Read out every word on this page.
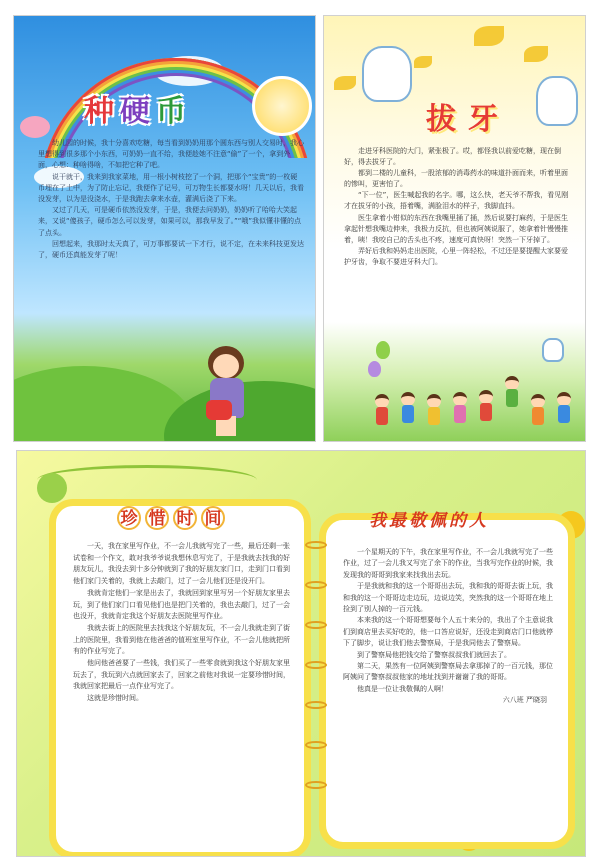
种硬币

幼儿园的时候，我十分喜欢吃糖，每当看到奶奶用那个圆东西与别人交易时，我心里想得到很多那个小东西，可奶奶一直不给，我便趁她不注意“偷”了一个，拿到外面，心想：种啥得啥，不如把它种了吧。

说干就干，我来到我家菜地，用一根小树枝挖了一个洞，把那个“宝贵”的一枚硬币埋在了土中，为了防止忘记，我便作了记号，可万物生长都要水呀！几天以后，我看没发芽，以为是没浇水，于是我跑去拿来水壶，灌满后浇了下来。

又过了几天，可是硬币依然没发芽，于是，我便去问奶奶，奶奶听了哈哈大笑起来，又说“傻孩子，硬币怎么可以发芽，如果可以，那我早发了。”“哦”我似懂非懂的点了点头。

回想起来，我那时太天真了，可万事都要试一下才行，说不定，在未来科技更发达了，硬币还真能发芽了呢！

拔牙

走进牙科医院的大门，紧张极了。哎，都怪我以前爱吃糖，现在倒好，得去拔牙了。

都到二楼的儿童科，一股浓郁的消毒药水的味道扑面而来，听着里面的惨叫，更害怕了。

“下一位”，医生喊起我的名字。哪，这么快，老天爷不帮我，看见刚才在拔牙的小孩，捂着嘴，满脸泪水的样子，我脚直抖。

医生拿着小钳似的东西在我嘴里捅了捅，然后说要打麻药，于是医生拿起针想我嘴边伸来，我极力反抗，但也被阿姨说服了，她拿着针慢慢推着，咦！我咬自己的舌头也不疼，速度可真快呀！突然一下牙掉了。

弄好后我和妈妈走出医院，心里一阵轻松，不过还是要提醒大家要爱护牙齿，争取不要进牙科大门。

珍 惜 时 间	我最敬佩的人

一天，我在家里写作业，不一会儿我就写完了一些，最后还剩一张试卷和一个作文，敢对我爷爷说我想休息写完了，于是我就去找我的好朋友玩儿，我没去到十多分钟就到了我的好朋友家门口，走到门口看到他们家门关着的，我就上去敲门，过了一会儿他们还是没开门。

我就肯定他们一家是出去了，我就回到家里写另一个好朋友家里去玩，到了他们家门口看见他们也是把门关着的，我也去敲门，过了一会也没开，我就肯定我这个好朋友去医院里写作业。

我就去街上的医院里去找我这个好朋友玩，不一会儿我就走到了街上的医院里，我看到他在他爸爸的值班室里写作业，不一会儿他就把所有的作业写完了。

他问他爸爸要了一些钱，我们买了一些零食就到我这个好朋友家里玩去了，我玩到六点就回家去了，回家之前他对我说一定要珍惜时间，我就回家把最后一点作业写完了。

这就是珍惜时间。

一个星期天的下午，我在家里写作业，不一会儿我就写完了一些作业，过了一会儿我又写完了余下的作业，当我写完作业的时候，我发现我的哥哥到我家来找我出去玩。

于是我就和我的这一个哥哥出去玩，我和我的哥哥去街上玩，我和我的这一个哥哥边走边玩，边说边笑，突然我的这一个哥哥在地上捡到了别人掉的一百元钱。

本来我的这一个哥哥想要每个人五十来分的，我出了个主意说我们到商店里去买好吃的，他一口答应说好，还没走到商店门口他就停下了脚步，说让我们他去警察局，于是我同他去了警察局。

到了警察局他把钱交给了警察叔叔我们就回去了。

第二天，果然有一位阿姨到警察局去拿那掉了的一百元钱，那位阿姨问了警察叔叔他家的地址找到并谢谢了我的哥哥。

他真是一位让我敬佩的人啊！

六八班 严晓羽
